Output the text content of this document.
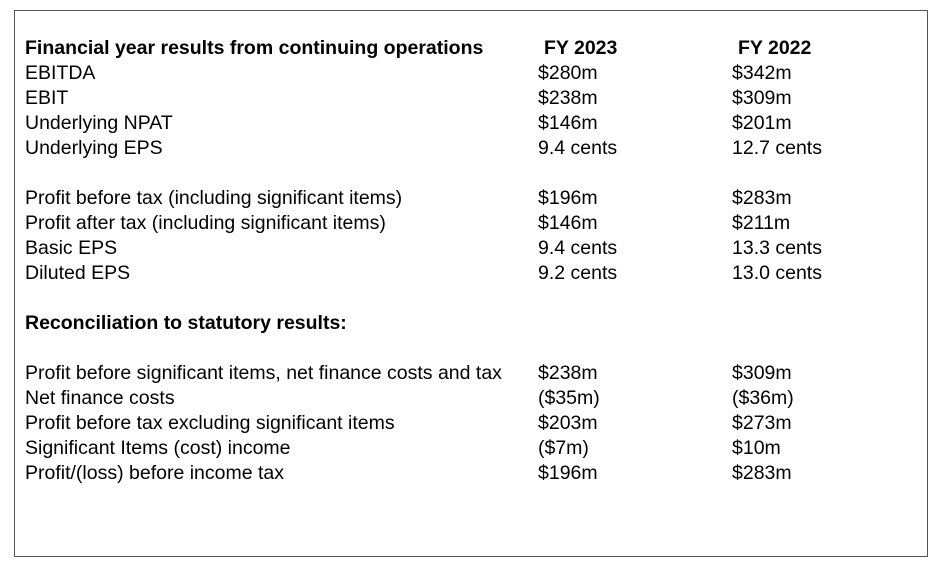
Financial year results from continuing operations	FY 2023	FY 2022
EBITDA	$280m	$342m
EBIT	$238m	$309m
Underlying NPAT	$146m	$201m
Underlying EPS	9.4 cents	12.7 cents

Profit before tax (including significant items)	$196m	$283m
Profit after tax (including significant items)	$146m	$211m
Basic EPS	9.4 cents	13.3 cents
Diluted EPS	9.2 cents	13.0 cents

Reconciliation to statutory results:		

Profit before significant items, net finance costs and tax	$238m	$309m
Net finance costs	($35m)	($36m)
Profit before tax excluding significant items	$203m	$273m
Significant Items (cost) income	($7m)	$10m
Profit/(loss) before income tax	$196m	$283m
